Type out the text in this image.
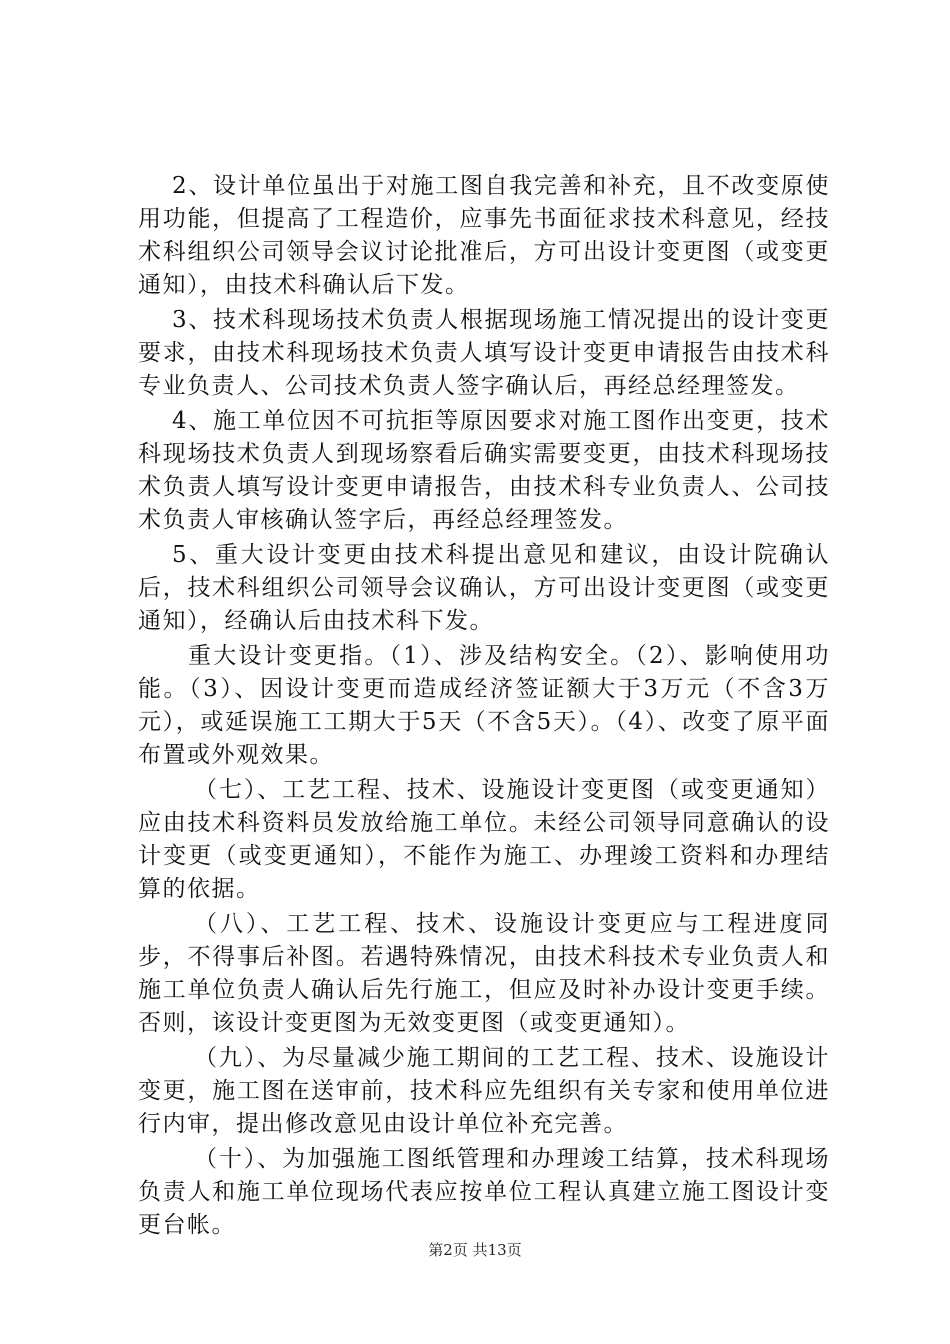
2、设计单位虽出于对施工图自我完善和补充，且不改变原使用功能，但提高了工程造价，应事先书面征求技术科意见，经技术科组织公司领导会议讨论批准后，方可出设计变更图（或变更通知），由技术科确认后下发。

3、技术科现场技术负责人根据现场施工情况提出的设计变更要求，由技术科现场技术负责人填写设计变更申请报告由技术科专业负责人、公司技术负责人签字确认后，再经总经理签发。

4、施工单位因不可抗拒等原因要求对施工图作出变更，技术科现场技术负责人到现场察看后确实需要变更，由技术科现场技术负责人填写设计变更申请报告，由技术科专业负责人、公司技术负责人审核确认签字后，再经总经理签发。

5、重大设计变更由技术科提出意见和建议，由设计院确认后，技术科组织公司领导会议确认，方可出设计变更图（或变更通知），经确认后由技术科下发。

重大设计变更指。（1）、涉及结构安全。（2）、影响使用功能。（3）、因设计变更而造成经济签证额大于3万元（不含3万元），或延误施工工期大于5天（不含5天）。（4）、改变了原平面布置或外观效果。

（七）、工艺工程、技术、设施设计变更图（或变更通知）应由技术科资料员发放给施工单位。未经公司领导同意确认的设计变更（或变更通知），不能作为施工、办理竣工资料和办理结算的依据。

（八）、工艺工程、技术、设施设计变更应与工程进度同步，不得事后补图。若遇特殊情况，由技术科技术专业负责人和施工单位负责人确认后先行施工，但应及时补办设计变更手续。否则，该设计变更图为无效变更图（或变更通知）。

（九）、为尽量减少施工期间的工艺工程、技术、设施设计变更，施工图在送审前，技术科应先组织有关专家和使用单位进行内审，提出修改意见由设计单位补充完善。

（十）、为加强施工图纸管理和办理竣工结算，技术科现场负责人和施工单位现场代表应按单位工程认真建立施工图设计变更台帐。

第2页 共13页
